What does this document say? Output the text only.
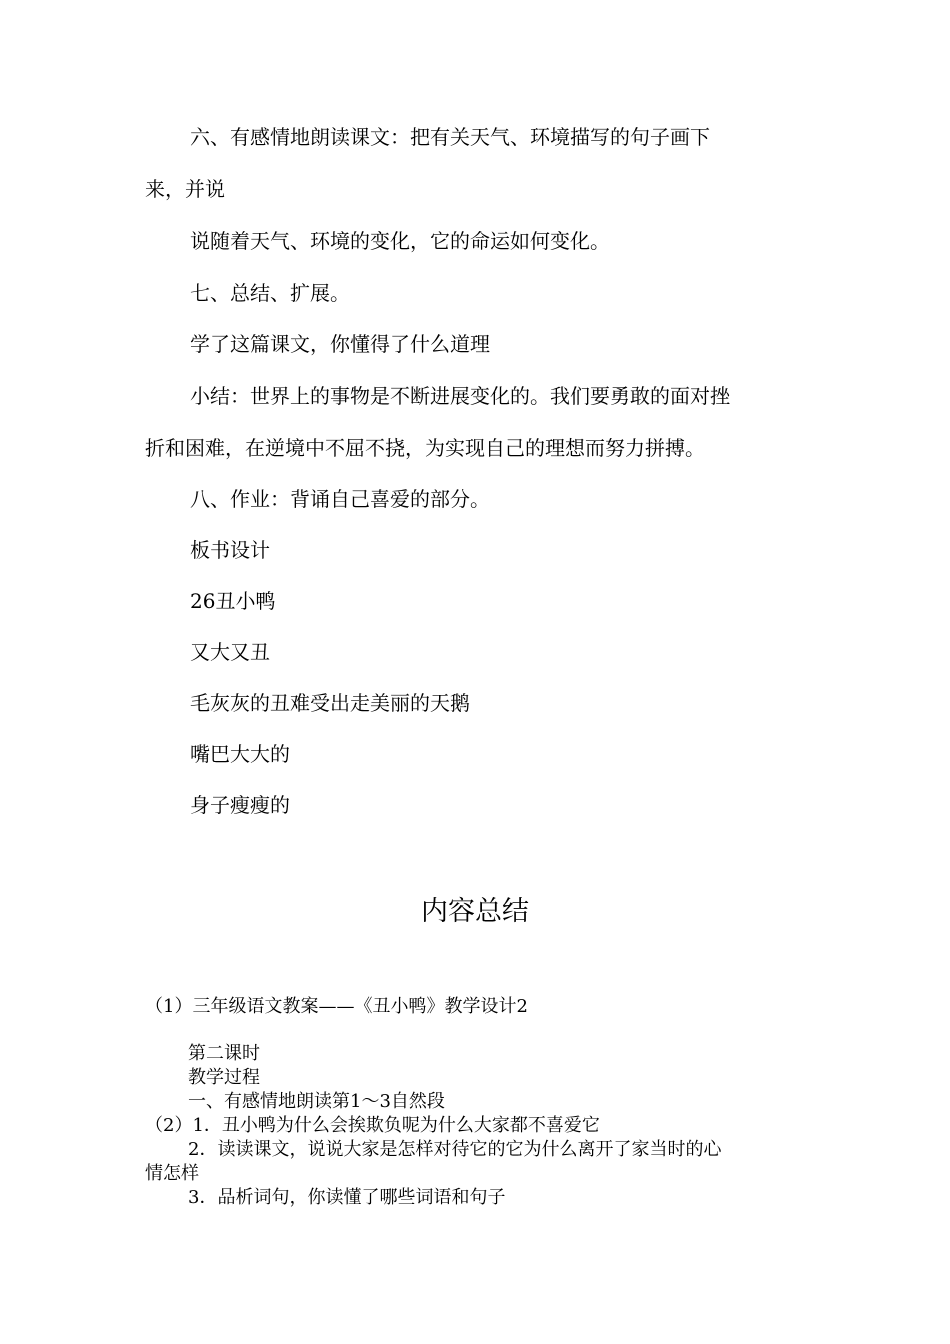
六、有感情地朗读课文：把有关天气、环境描写的句子画下
来，并说
说随着天气、环境的变化，它的命运如何变化。
七、总结、扩展。
学了这篇课文，你懂得了什么道理
小结：世界上的事物是不断进展变化的。我们要勇敢的面对挫
折和困难，在逆境中不屈不挠，为实现自己的理想而努力拼搏。
八、作业：背诵自己喜爱的部分。
板书设计
26丑小鸭
又大又丑
毛灰灰的丑难受出走美丽的天鹅
嘴巴大大的
身子瘦瘦的
内容总结
（1）三年级语文教案——《丑小鸭》教学设计2
第二课时
教学过程
一、有感情地朗读第1～3自然段
（2）1．丑小鸭为什么会挨欺负呢为什么大家都不喜爱它
2．读读课文，说说大家是怎样对待它的它为什么离开了家当时的心
情怎样
3．品析词句，你读懂了哪些词语和句子
